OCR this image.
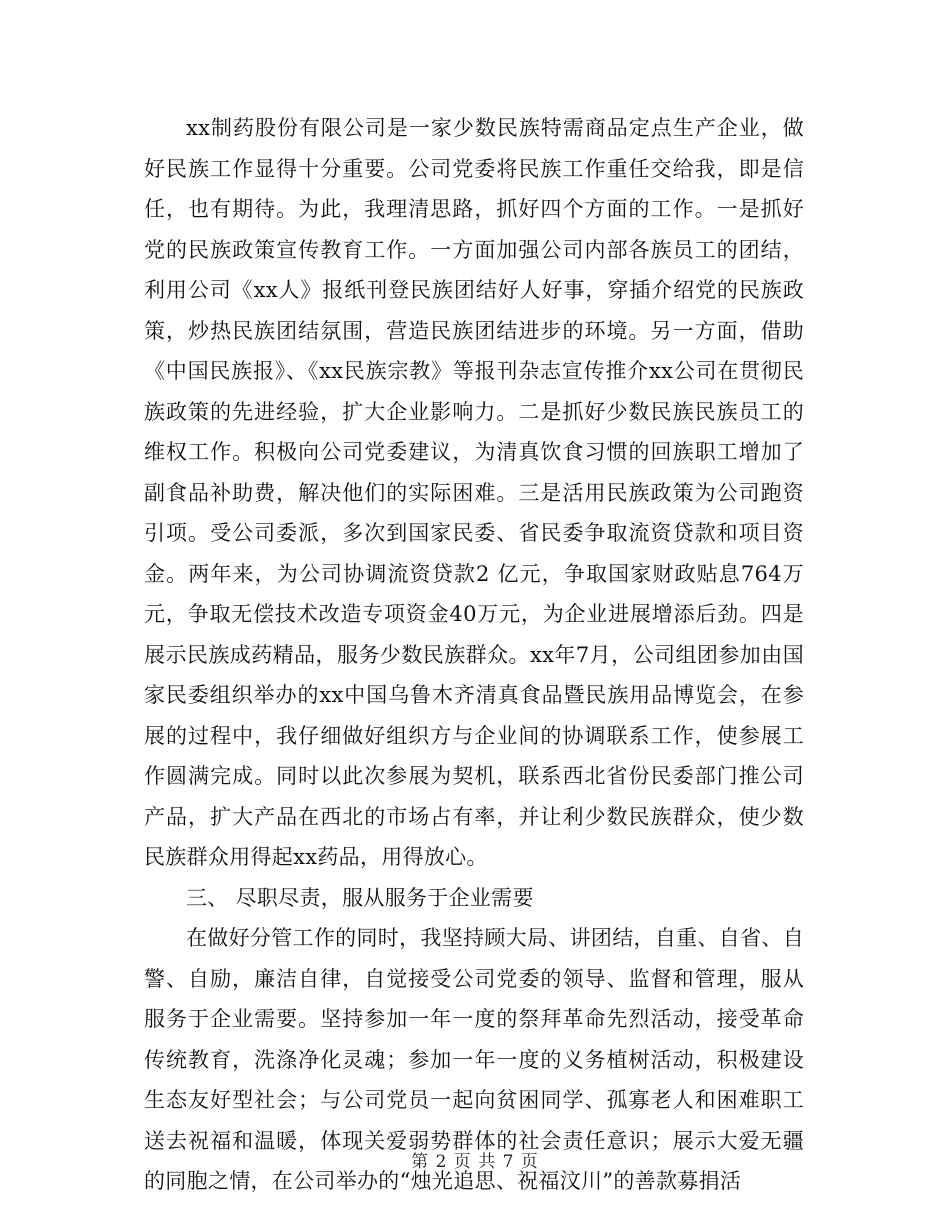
xx制药股份有限公司是一家少数民族特需商品定点生产企业，做好民族工作显得十分重要。公司党委将民族工作重任交给我，即是信任，也有期待。为此，我理清思路，抓好四个方面的工作。一是抓好党的民族政策宣传教育工作。一方面加强公司内部各族员工的团结，利用公司《xx人》报纸刊登民族团结好人好事，穿插介绍党的民族政策，炒热民族团结氛围，营造民族团结进步的环境。另一方面，借助《中国民族报》、《xx民族宗教》等报刊杂志宣传推介xx公司在贯彻民族政策的先进经验，扩大企业影响力。二是抓好少数民族民族员工的维权工作。积极向公司党委建议，为清真饮食习惯的回族职工增加了副食品补助费，解决他们的实际困难。三是活用民族政策为公司跑资引项。受公司委派，多次到国家民委、省民委争取流资贷款和项目资金。两年来，为公司协调流资贷款2 亿元，争取国家财政贴息764万元，争取无偿技术改造专项资金40万元，为企业进展增添后劲。四是展示民族成药精品，服务少数民族群众。xx年7月，公司组团参加由国家民委组织举办的xx中国乌鲁木齐清真食品暨民族用品博览会，在参展的过程中，我仔细做好组织方与企业间的协调联系工作，使参展工作圆满完成。同时以此次参展为契机，联系西北省份民委部门推公司产品，扩大产品在西北的市场占有率，并让利少数民族群众，使少数民族群众用得起xx药品，用得放心。

三、 尽职尽责，服从服务于企业需要

在做好分管工作的同时，我坚持顾大局、讲团结，自重、自省、自警、自励，廉洁自律，自觉接受公司党委的领导、监督和管理，服从服务于企业需要。坚持参加一年一度的祭拜革命先烈活动，接受革命传统教育，洗涤净化灵魂；参加一年一度的义务植树活动，积极建设生态友好型社会；与公司党员一起向贫困同学、孤寡老人和困难职工送去祝福和温暖，体现关爱弱势群体的社会责任意识；展示大爱无疆的同胞之情，在公司举办的“烛光追思、祝福汶川”的善款募捐活

第 2 页 共 7 页
